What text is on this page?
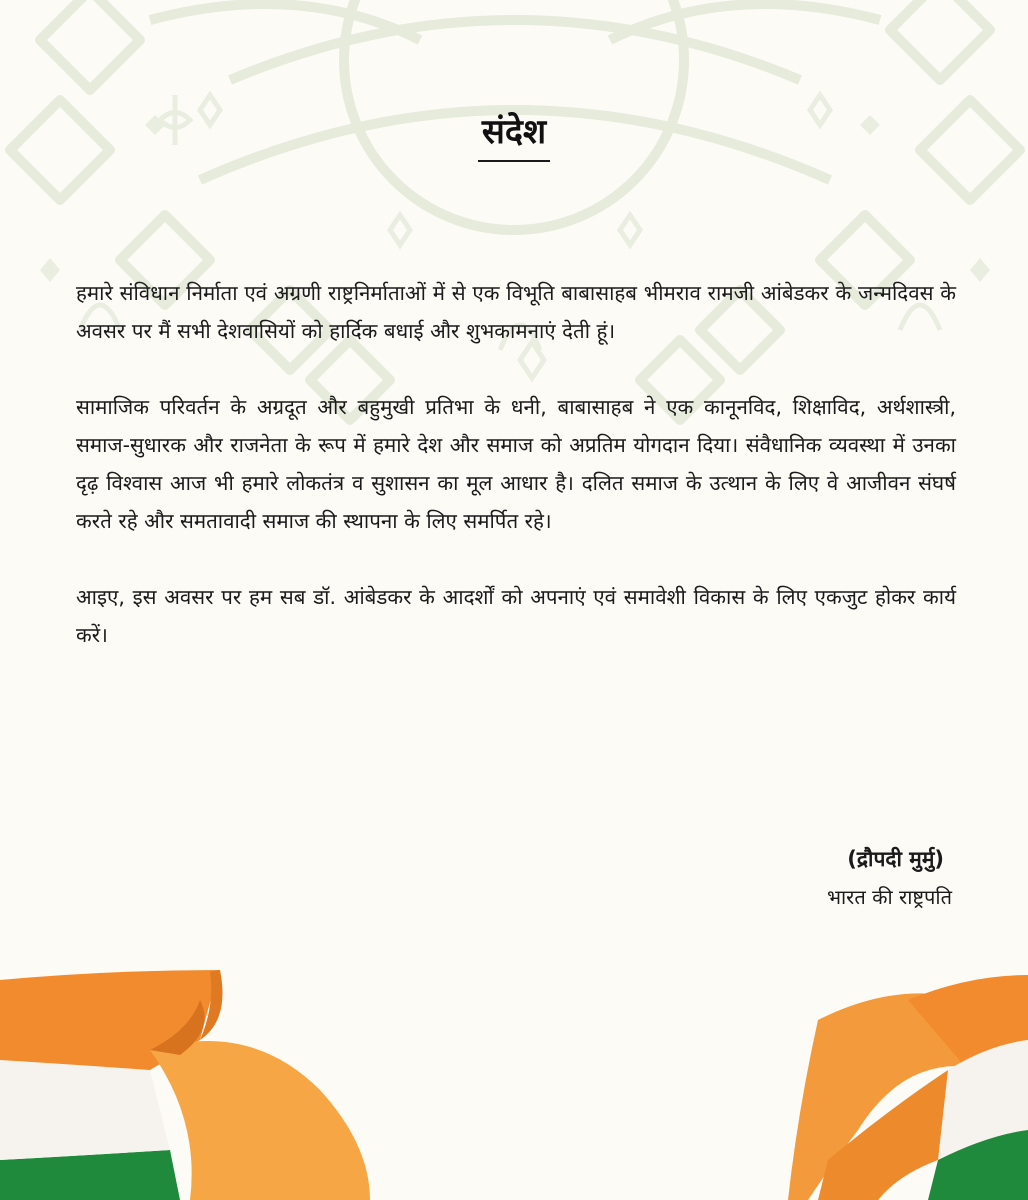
संदेश

हमारे संविधान निर्माता एवं अग्रणी राष्ट्रनिर्माताओं में से एक विभूति बाबासाहब भीमराव रामजी आंबेडकर के जन्मदिवस के अवसर पर मैं सभी देशवासियों को हार्दिक बधाई और शुभकामनाएं देती हूं।

सामाजिक परिवर्तन के अग्रदूत और बहुमुखी प्रतिभा के धनी, बाबासाहब ने एक कानूनविद, शिक्षाविद, अर्थशास्त्री, समाज-सुधारक और राजनेता के रूप में हमारे देश और समाज को अप्रतिम योगदान दिया। संवैधानिक व्यवस्था में उनका दृढ़ विश्वास आज भी हमारे लोकतंत्र व सुशासन का मूल आधार है। दलित समाज के उत्थान के लिए वे आजीवन संघर्ष करते रहे और समतावादी समाज की स्थापना के लिए समर्पित रहे।

आइए, इस अवसर पर हम सब डॉ. आंबेडकर के आदर्शों को अपनाएं एवं समावेशी विकास के लिए एकजुट होकर कार्य करें।

(द्रौपदी मुर्मु)
भारत की राष्ट्रपति
